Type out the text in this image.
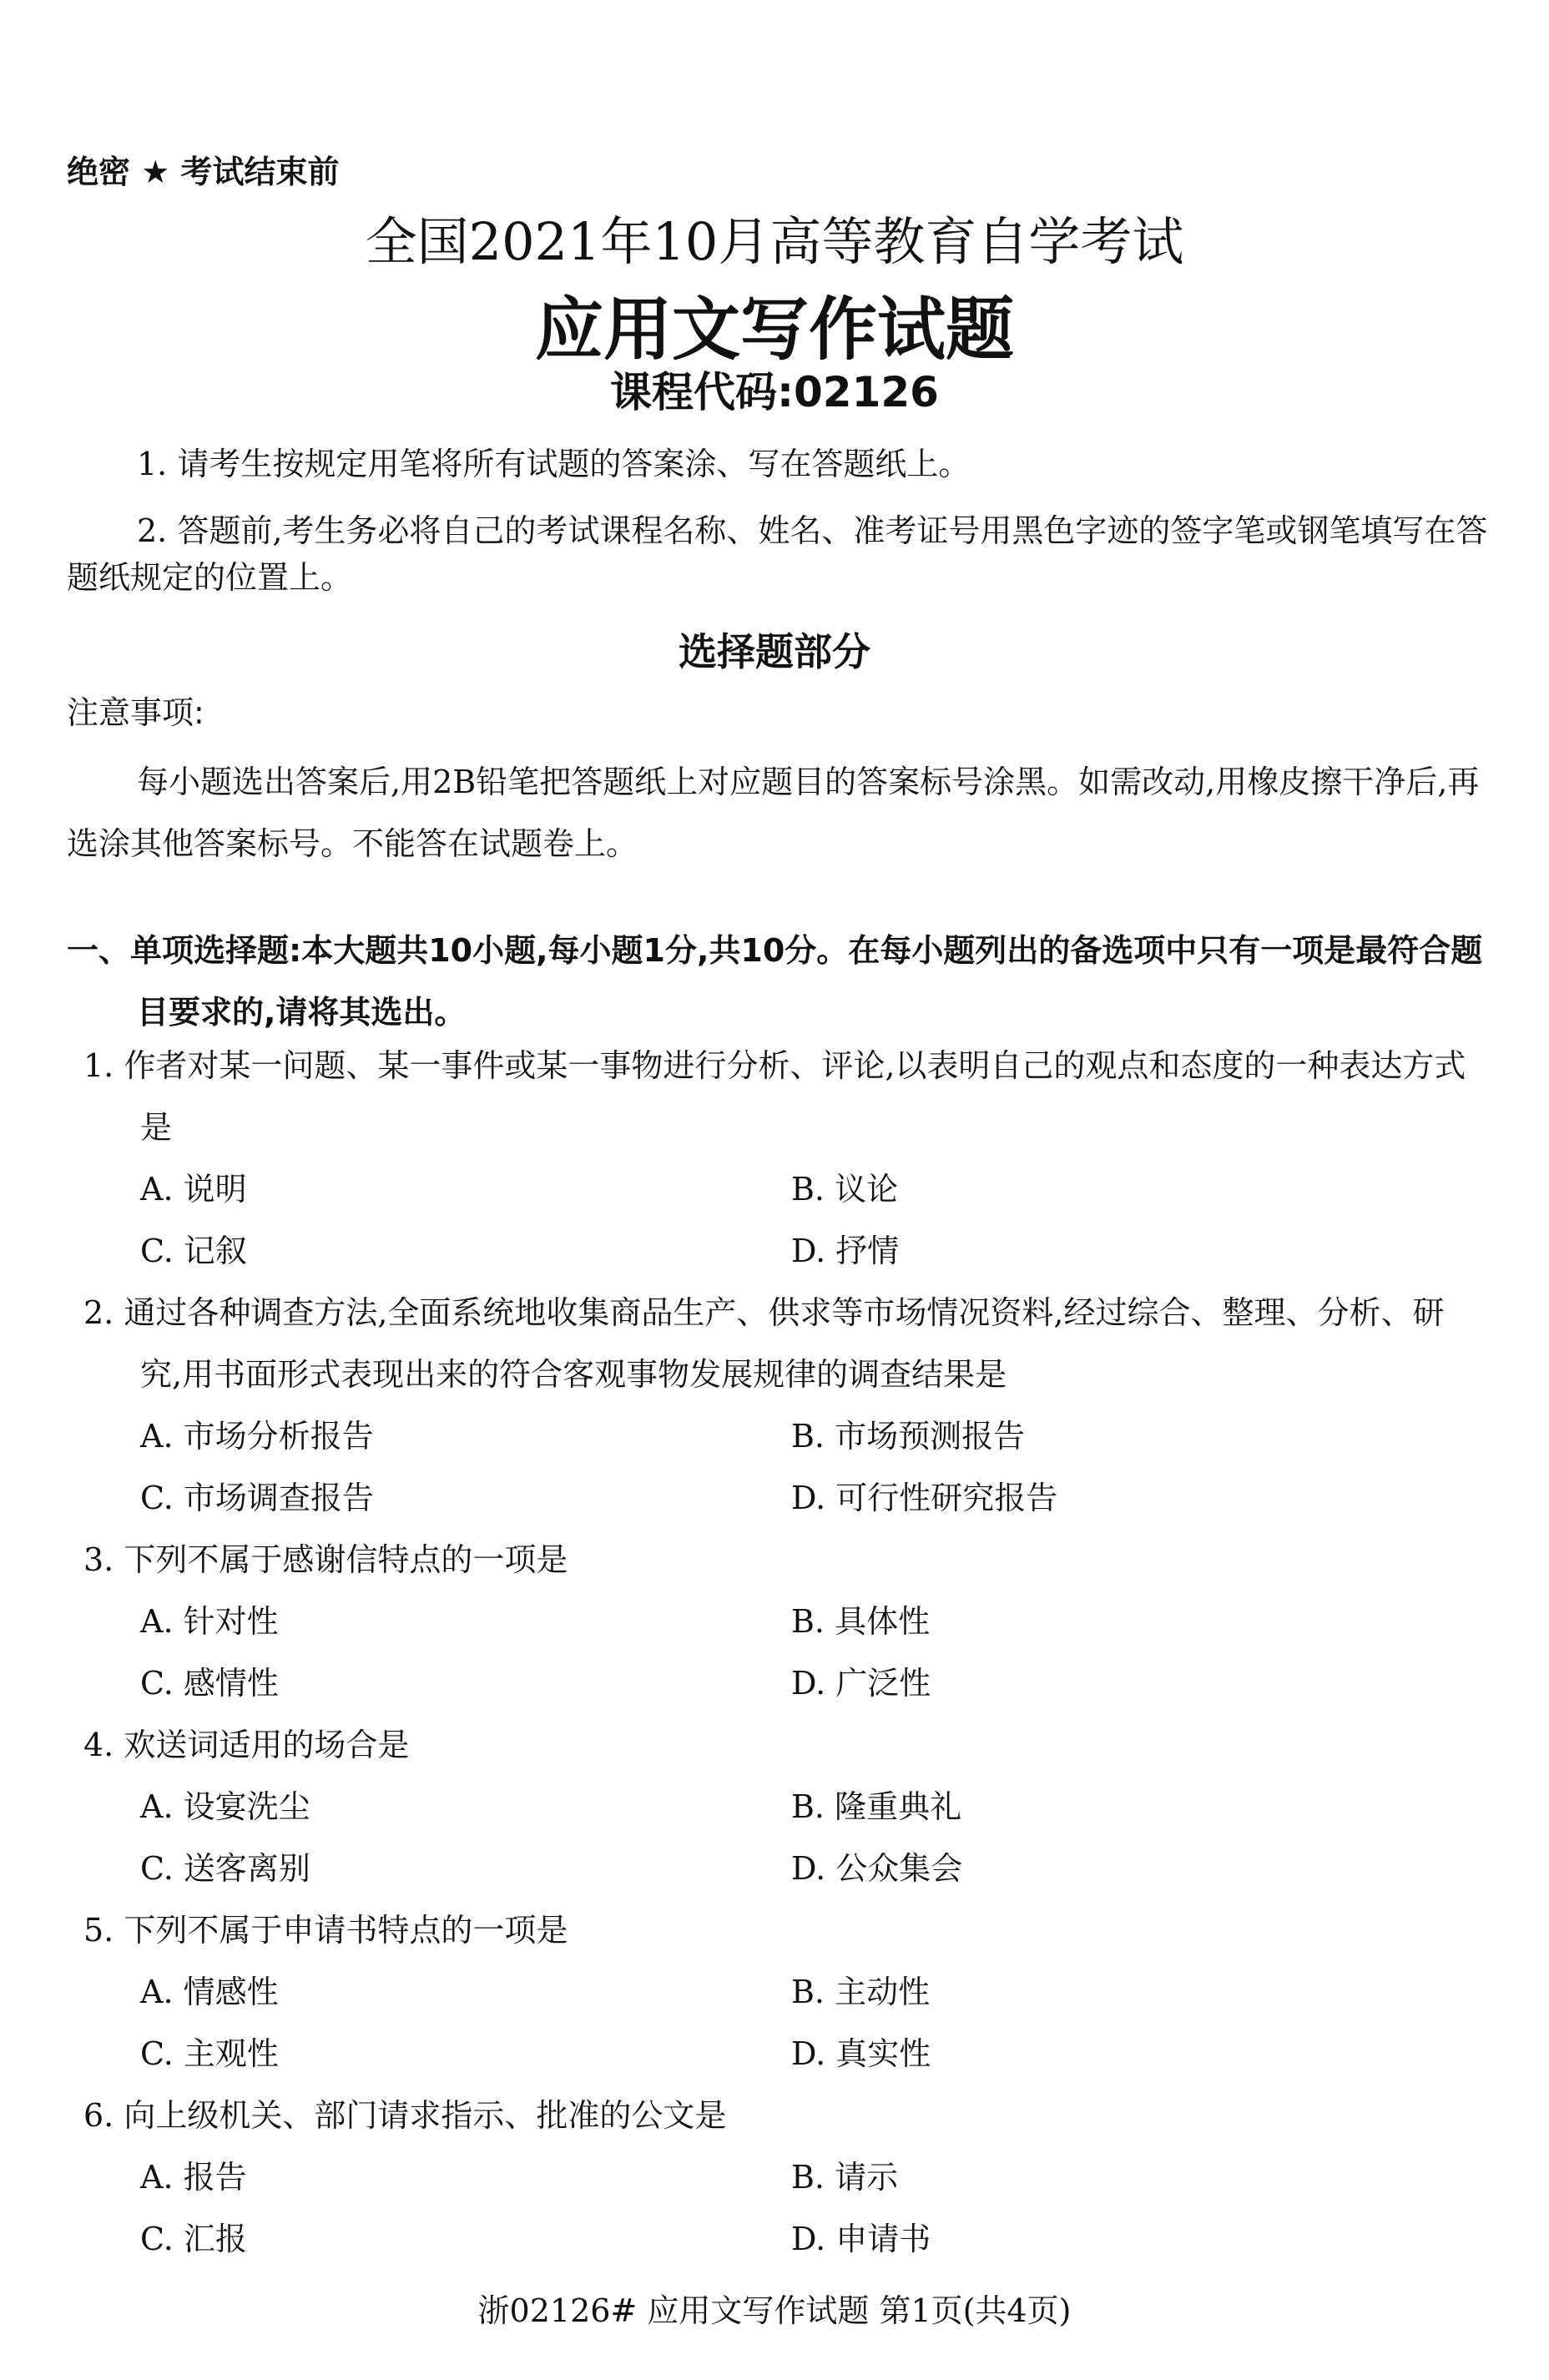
绝密 ★ 考试结束前
全国2021年10月高等教育自学考试
应用文写作试题
课程代码:02126
1. 请考生按规定用笔将所有试题的答案涂、写在答题纸上。
2. 答题前,考生务必将自己的考试课程名称、姓名、准考证号用黑色字迹的签字笔或钢笔填写在答题纸规定的位置上。
选择题部分
注意事项:
每小题选出答案后,用2B铅笔把答题纸上对应题目的答案标号涂黑。如需改动,用橡皮擦干净后,再选涂其他答案标号。不能答在试题卷上。
一、单项选择题:本大题共10小题,每小题1分,共10分。在每小题列出的备选项中只有一项是最符合题目要求的,请将其选出。
1. 作者对某一问题、某一事件或某一事物进行分析、评论,以表明自己的观点和态度的一种表达方式是
A. 说明	B. 议论
C. 记叙	D. 抒情
2. 通过各种调查方法,全面系统地收集商品生产、供求等市场情况资料,经过综合、整理、分析、研究,用书面形式表现出来的符合客观事物发展规律的调查结果是
A. 市场分析报告	B. 市场预测报告
C. 市场调查报告	D. 可行性研究报告
3. 下列不属于感谢信特点的一项是
A. 针对性	B. 具体性
C. 感情性	D. 广泛性
4. 欢送词适用的场合是
A. 设宴洗尘	B. 隆重典礼
C. 送客离别	D. 公众集会
5. 下列不属于申请书特点的一项是
A. 情感性	B. 主动性
C. 主观性	D. 真实性
6. 向上级机关、部门请求指示、批准的公文是
A. 报告	B. 请示
C. 汇报	D. 申请书
浙02126# 应用文写作试题 第1页(共4页)
